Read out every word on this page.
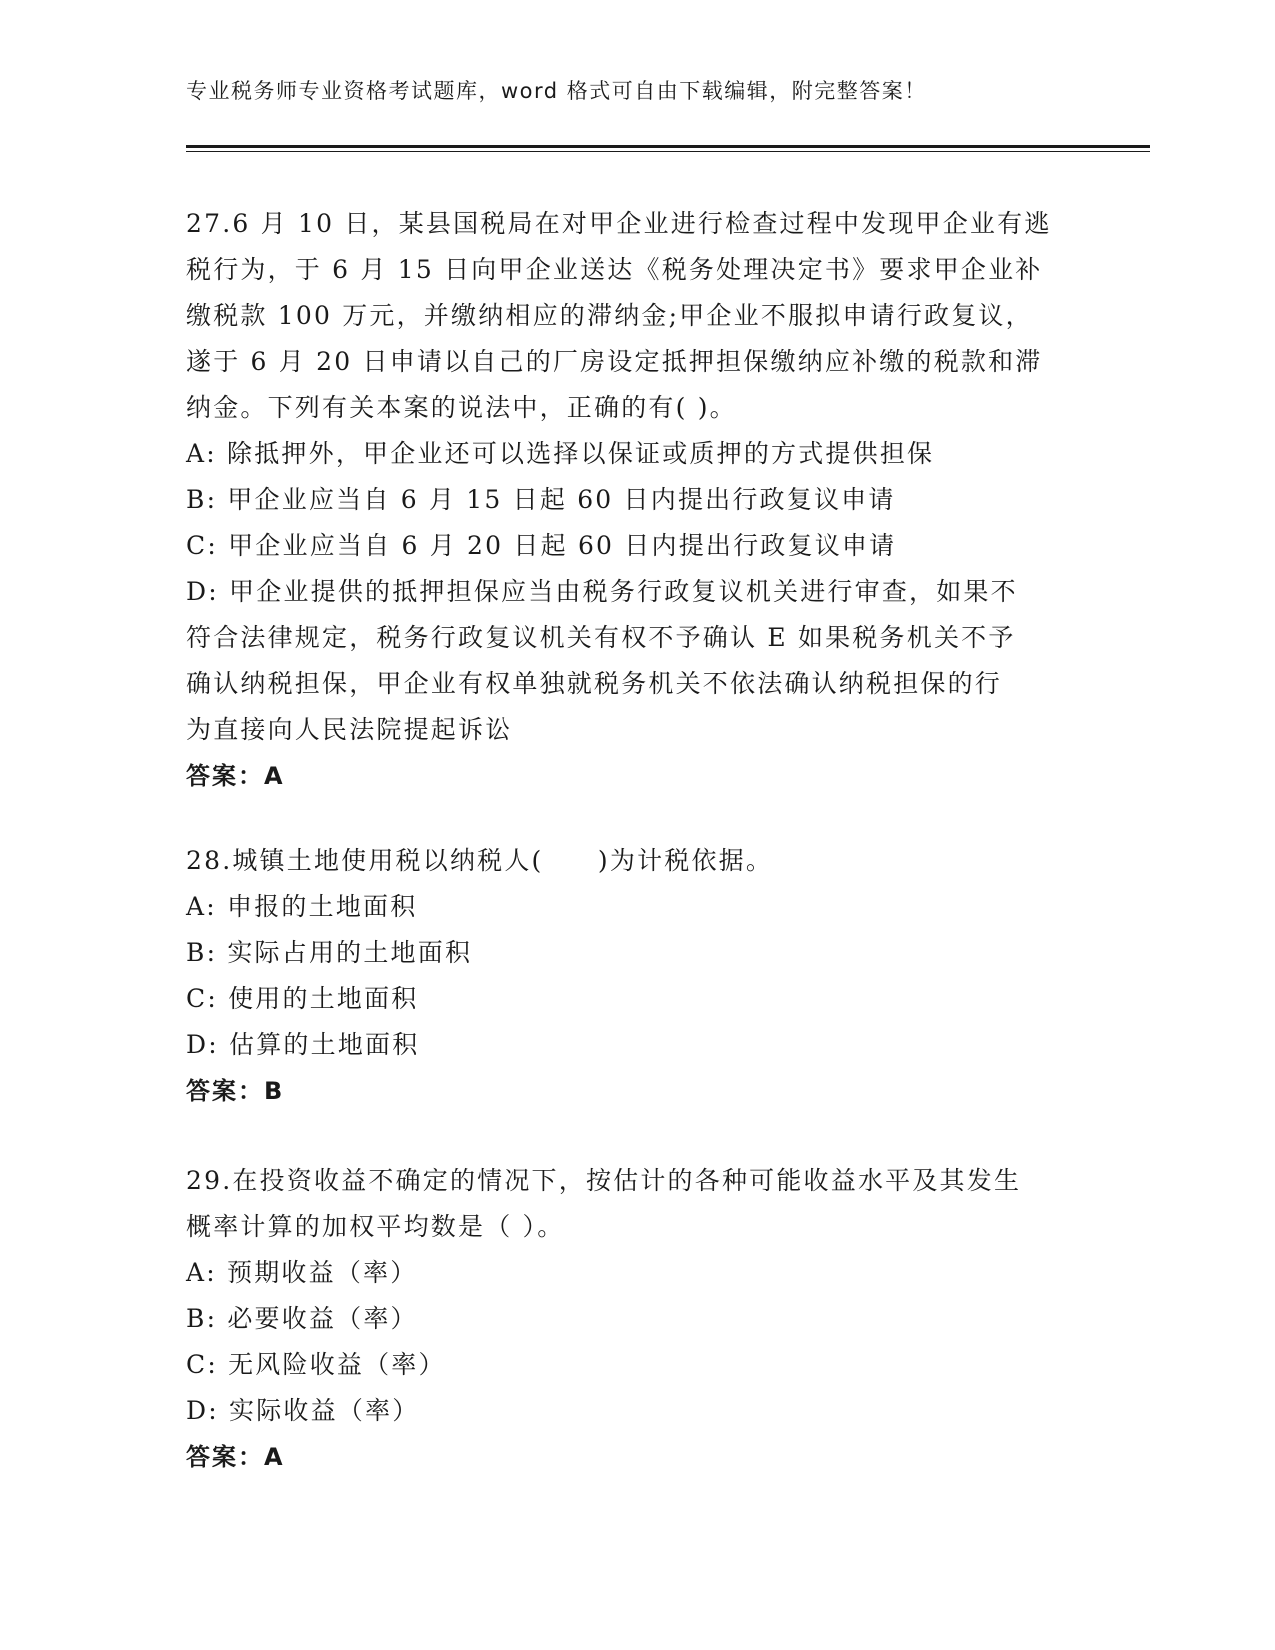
专业税务师专业资格考试题库，word 格式可自由下载编辑，附完整答案！
27.6 月 10 日，某县国税局在对甲企业进行检查过程中发现甲企业有逃
税行为，于 6 月 15 日向甲企业送达《税务处理决定书》要求甲企业补
缴税款 100 万元，并缴纳相应的滞纳金;甲企业不服拟申请行政复议，
遂于 6 月 20 日申请以自己的厂房设定抵押担保缴纳应补缴的税款和滞
纳金。下列有关本案的说法中，正确的有( )。
A: 除抵押外，甲企业还可以选择以保证或质押的方式提供担保
B: 甲企业应当自 6 月 15 日起 60 日内提出行政复议申请
C: 甲企业应当自 6 月 20 日起 60 日内提出行政复议申请
D: 甲企业提供的抵押担保应当由税务行政复议机关进行审查，如果不
符合法律规定，税务行政复议机关有权不予确认 E 如果税务机关不予
确认纳税担保，甲企业有权单独就税务机关不依法确认纳税担保的行
为直接向人民法院提起诉讼
答案：A
28.城镇土地使用税以纳税人(　　)为计税依据。
A: 申报的土地面积
B: 实际占用的土地面积
C: 使用的土地面积
D: 估算的土地面积
答案：B
29.在投资收益不确定的情况下，按估计的各种可能收益水平及其发生
概率计算的加权平均数是（ ）。
A: 预期收益（率）
B: 必要收益（率）
C: 无风险收益（率）
D: 实际收益（率）
答案：A
